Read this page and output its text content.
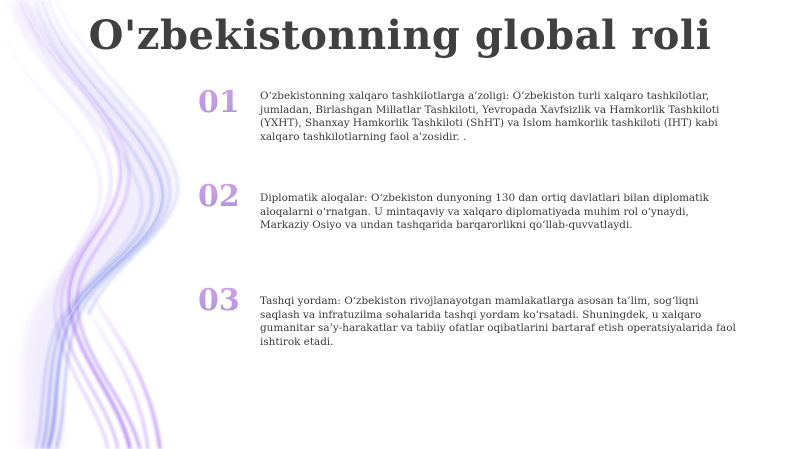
O'zbekistonning global roli
01	O‘zbekistonning xalqaro tashkilotlarga a’zoligi: O‘zbekiston turli xalqaro tashkilotlar, jumladan, Birlashgan Millatlar Tashkiloti, Yevropada Xavfsizlik va Hamkorlik Tashkiloti (YXHT), Shanxay Hamkorlik Tashkiloti (ShHT) va Islom hamkorlik tashkiloti (IHT) kabi xalqaro tashkilotlarning faol a’zosidir. .

02	Diplomatik aloqalar: O‘zbekiston dunyoning 130 dan ortiq davlatlari bilan diplomatik aloqalarni o‘rnatgan. U mintaqaviy va xalqaro diplomatiyada muhim rol o‘ynaydi, Markaziy Osiyo va undan tashqarida barqarorlikni qo‘llab-quvvatlaydi.

03	Tashqi yordam: O‘zbekiston rivojlanayotgan mamlakatlarga asosan ta’lim, sog‘liqni saqlash va infratuzilma sohalarida tashqi yordam ko‘rsatadi. Shuningdek, u xalqaro gumanitar sa’y-harakatlar va tabiiy ofatlar oqibatlarini bartaraf etish operatsiyalarida faol ishtirok etadi.
